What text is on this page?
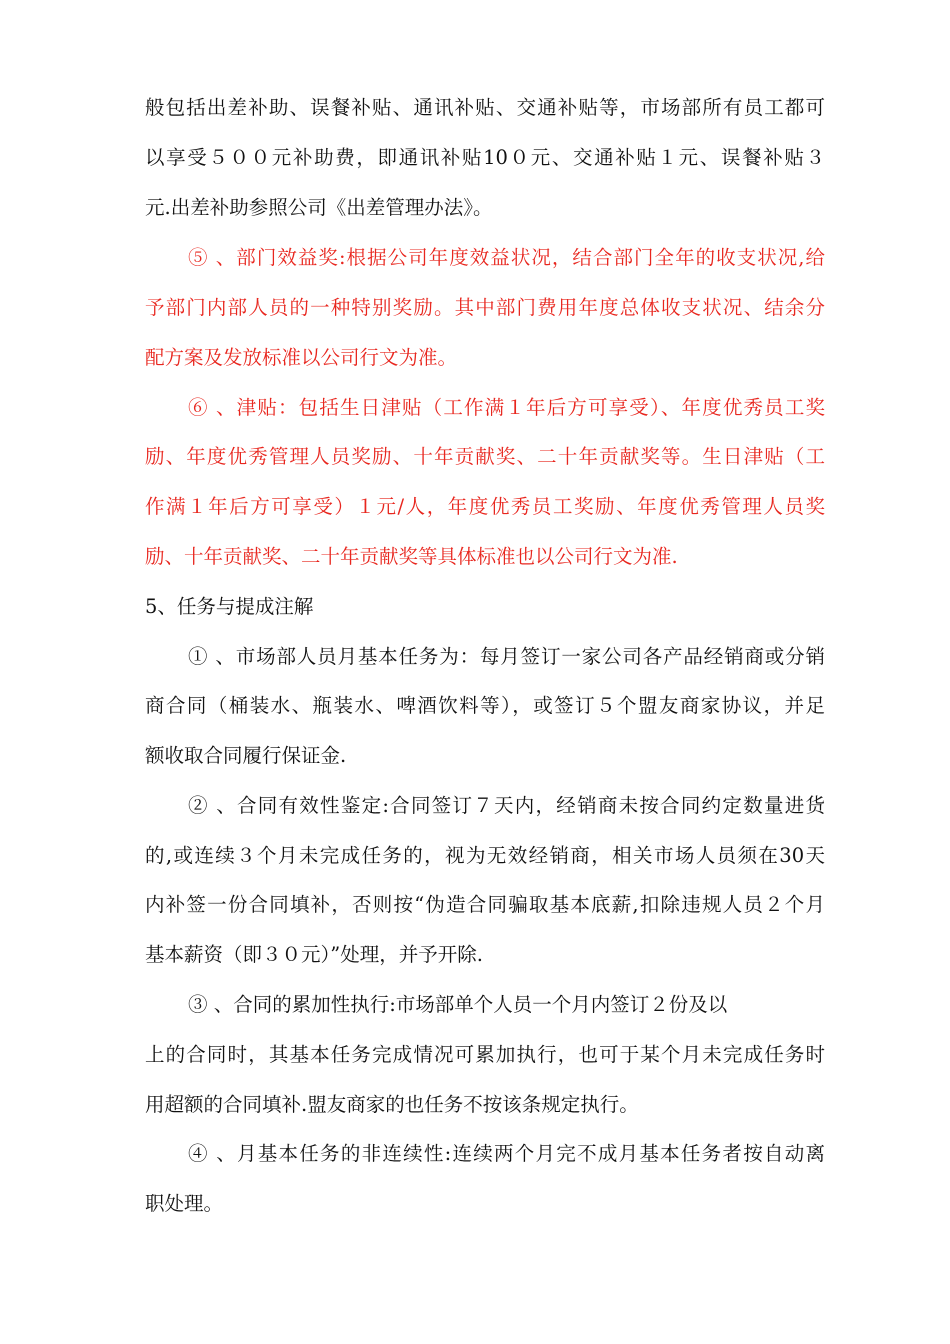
般包括出差补助、误餐补贴、通讯补贴、交通补贴等，市场部所有员工都可
以享受５００元补助费，即通讯补贴10０元、交通补贴１元、误餐补贴３
元.出差补助参照公司《出差管理办法》。
⑤ 、部门效益奖:根据公司年度效益状况，结合部门全年的收支状况,给
予部门内部人员的一种特别奖励。其中部门费用年度总体收支状况、结余分
配方案及发放标准以公司行文为准。
⑥ 、津贴：包括生日津贴（工作满１年后方可享受）、年度优秀员工奖
励、年度优秀管理人员奖励、十年贡献奖、二十年贡献奖等。生日津贴（工
作满１年后方可享受）１元/人，年度优秀员工奖励、年度优秀管理人员奖
励、十年贡献奖、二十年贡献奖等具体标准也以公司行文为准.
5、任务与提成注解
① 、市场部人员月基本任务为：每月签订一家公司各产品经销商或分销
商合同（桶装水、瓶装水、啤酒饮料等），或签订５个盟友商家协议，并足
额收取合同履行保证金.
② 、合同有效性鉴定:合同签订７天内，经销商未按合同约定数量进货
的,或连续３个月未完成任务的，视为无效经销商，相关市场人员须在30天
内补签一份合同填补，否则按“伪造合同骗取基本底薪,扣除违规人员２个月
基本薪资（即３０元）”处理，并予开除.
③ 、合同的累加性执行:市场部单个人员一个月内签订２份及以
上的合同时，其基本任务完成情况可累加执行，也可于某个月未完成任务时
用超额的合同填补.盟友商家的也任务不按该条规定执行。
④ 、月基本任务的非连续性:连续两个月完不成月基本任务者按自动离
职处理。
